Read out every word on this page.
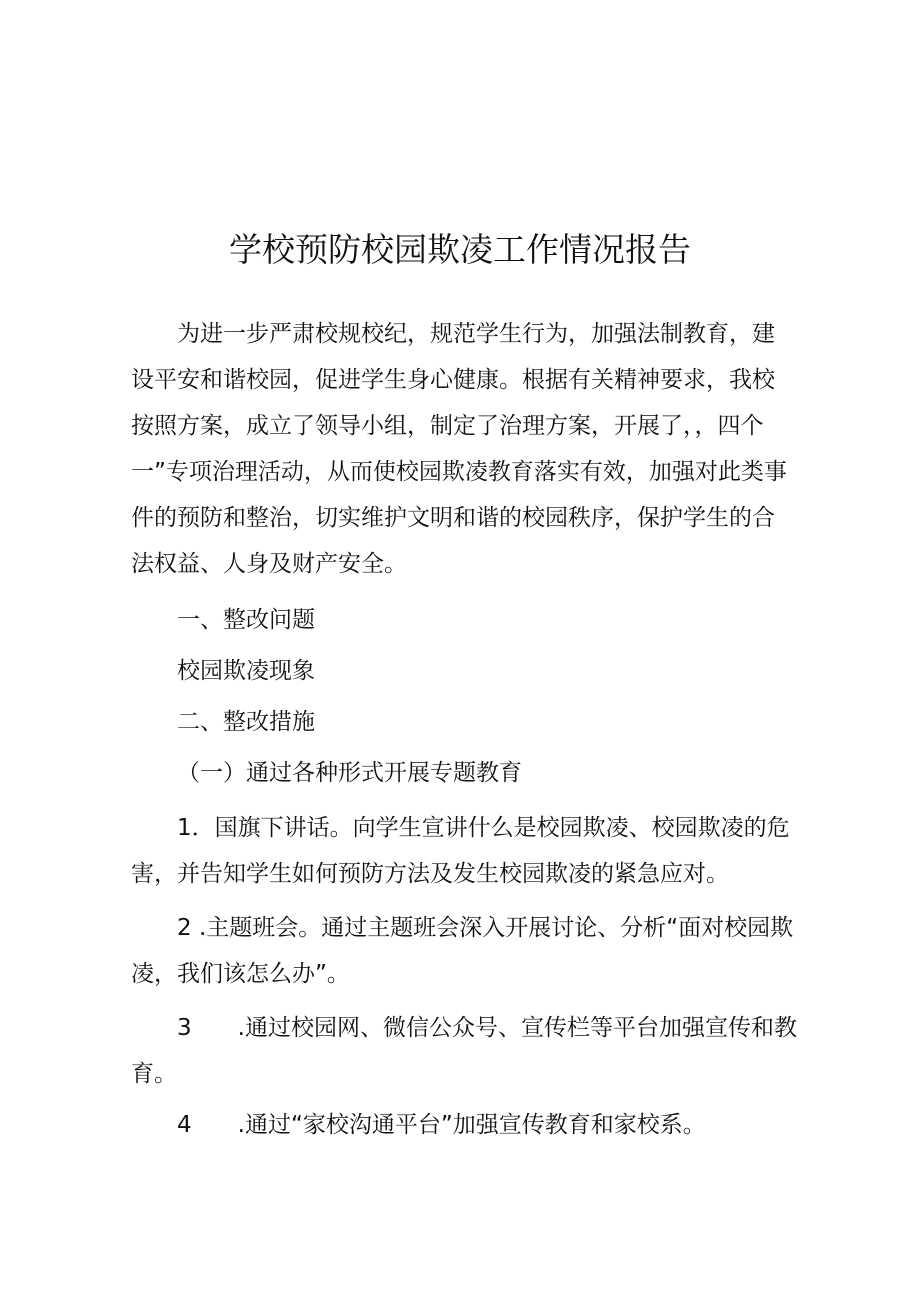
学校预防校园欺凌工作情况报告

为进一步严肃校规校纪，规范学生行为，加强法制教育，建设平安和谐校园，促进学生身心健康。根据有关精神要求，我校按照方案，成立了领导小组，制定了治理方案，开展了，，四个一”专项治理活动，从而使校园欺凌教育落实有效，加强对此类事件的预防和整治，切实维护文明和谐的校园秩序，保护学生的合法权益、人身及财产安全。

一、整改问题

校园欺凌现象

二、整改措施

（一）通过各种形式开展专题教育

1．国旗下讲话。向学生宣讲什么是校园欺凌、校园欺凌的危

害，并告知学生如何预防方法及发生校园欺凌的紧急应对。

2 .主题班会。通过主题班会深入开展讨论、分析“面对校园欺

凌，我们该怎么办”。

3 .通过校园网、微信公众号、宣传栏等平台加强宣传和教

育。

4 .通过“家校沟通平台”加强宣传教育和家校系。
